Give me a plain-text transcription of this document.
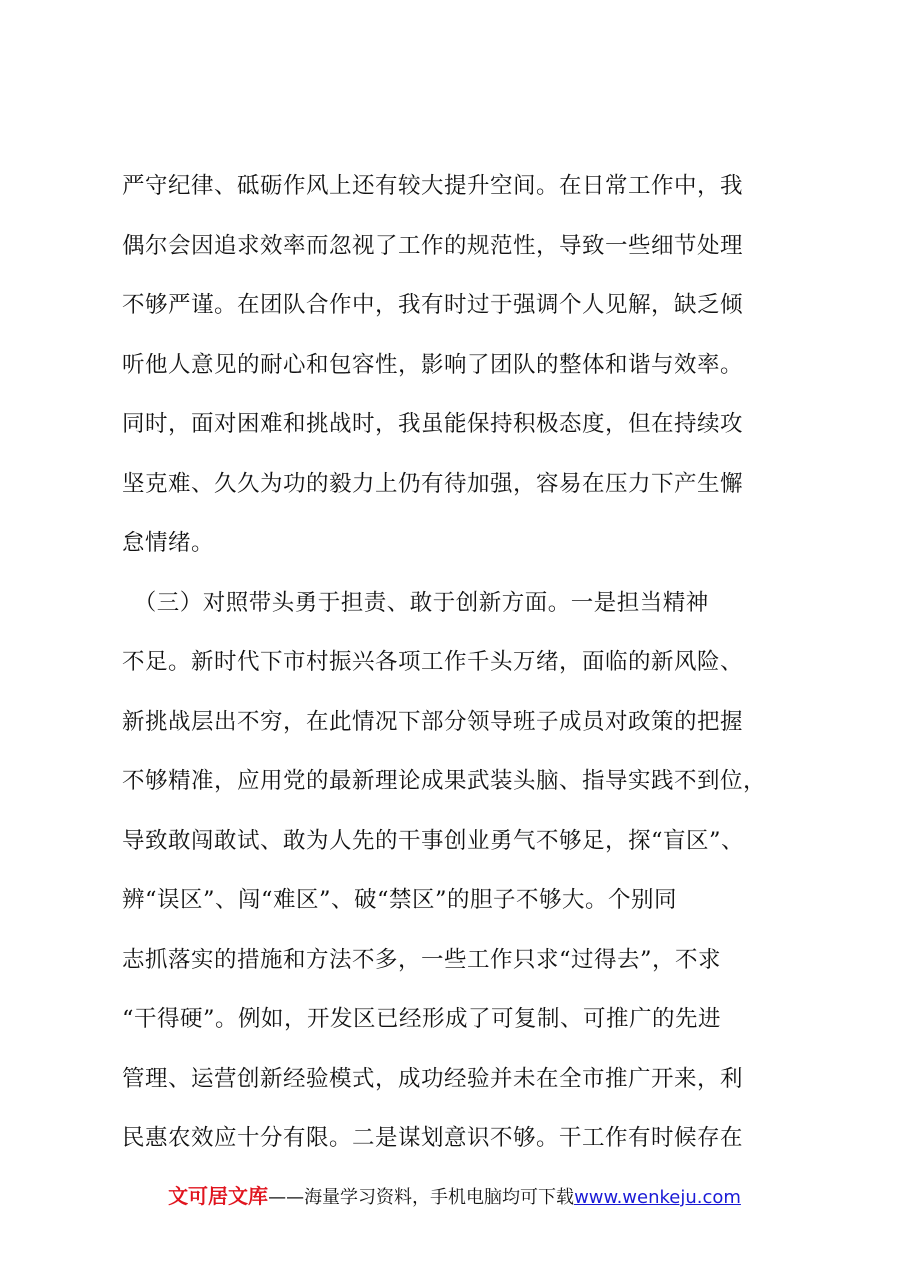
严守纪律、砥砺作风上还有较大提升空间。在日常工作中，我
偶尔会因追求效率而忽视了工作的规范性，导致一些细节处理
不够严谨。在团队合作中，我有时过于强调个人见解，缺乏倾
听他人意见的耐心和包容性，影响了团队的整体和谐与效率。
同时，面对困难和挑战时，我虽能保持积极态度，但在持续攻
坚克难、久久为功的毅力上仍有待加强，容易在压力下产生懈
怠情绪。
　（三）对照带头勇于担责、敢于创新方面。一是担当精神
不足。新时代下市村振兴各项工作千头万绪，面临的新风险、
新挑战层出不穷，在此情况下部分领导班子成员对政策的把握
不够精准，应用党的最新理论成果武装头脑、指导实践不到位，
导致敢闯敢试、敢为人先的干事创业勇气不够足，探“盲区”、
辨“误区”、闯“难区”、破“禁区”的胆子不够大。个别同
志抓落实的措施和方法不多，一些工作只求“过得去”，不求
“干得硬”。例如，开发区已经形成了可复制、可推广的先进
管理、运营创新经验模式，成功经验并未在全市推广开来，利
民惠农效应十分有限。二是谋划意识不够。干工作有时候存在
文可居文库——海量学习资料，手机电脑均可下载www.wenkeju.com
